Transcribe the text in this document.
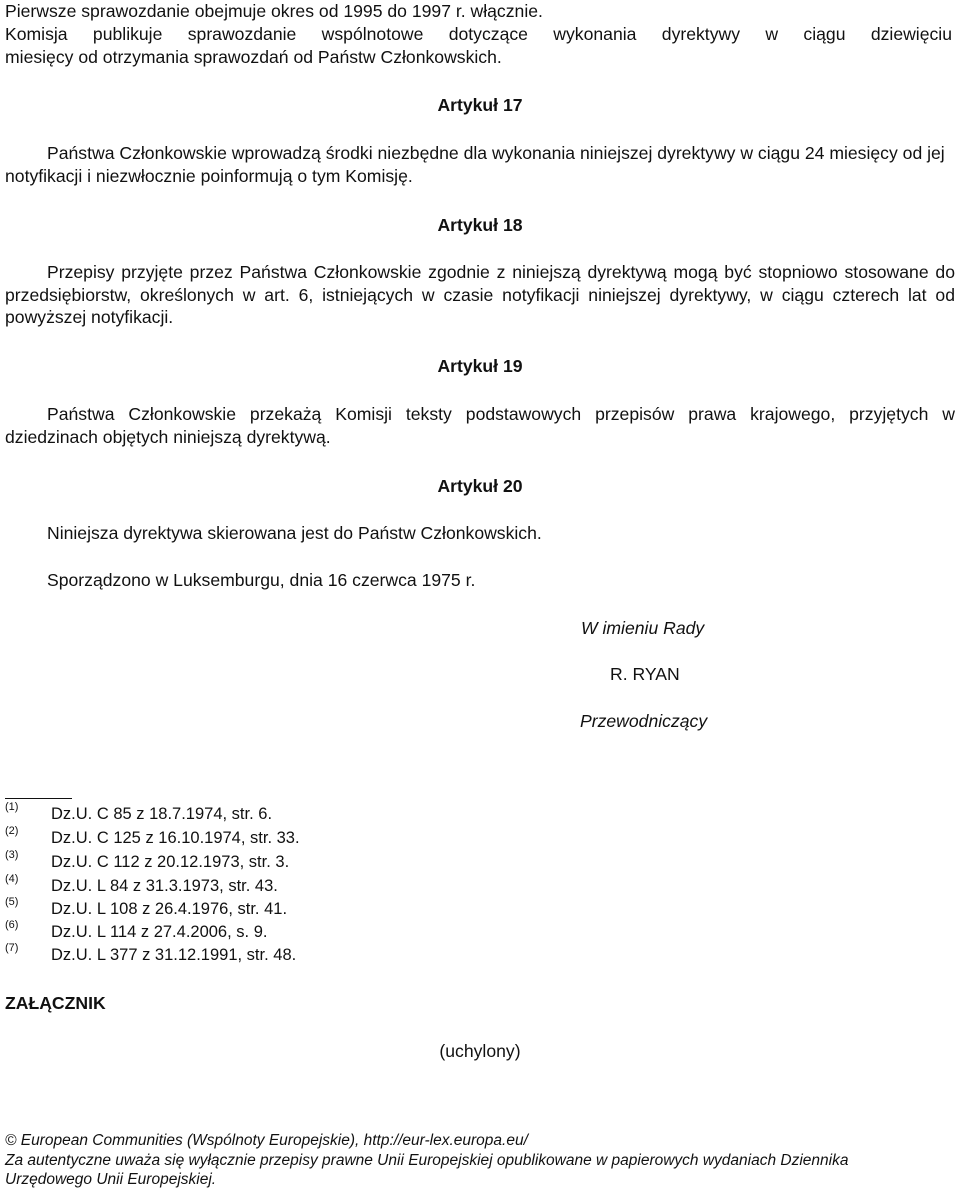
Pierwsze sprawozdanie obejmuje okres od 1995 do 1997 r. włącznie.
Komisja publikuje sprawozdanie wspólnotowe dotyczące wykonania dyrektywy w ciągu dziewięciu
miesięcy od otrzymania sprawozdań od Państw Członkowskich.
Artykuł 17
Państwa Członkowskie wprowadzą środki niezbędne dla wykonania niniejszej dyrektywy w ciągu 24 miesięcy od jej notyfikacji i niezwłocznie poinformują o tym Komisję.
Artykuł 18
Przepisy przyjęte przez Państwa Członkowskie zgodnie z niniejszą dyrektywą mogą być stopniowo stosowane do przedsiębiorstw, określonych w art. 6, istniejących w czasie notyfikacji niniejszej dyrektywy, w ciągu czterech lat od powyższej notyfikacji.
Artykuł 19
Państwa Członkowskie przekażą Komisji teksty podstawowych przepisów prawa krajowego, przyjętych w dziedzinach objętych niniejszą dyrektywą.
Artykuł 20
Niniejsza dyrektywa skierowana jest do Państw Członkowskich.
Sporządzono w Luksemburgu, dnia 16 czerwca 1975 r.
W imieniu Rady
R. RYAN
Przewodniczący
(1) Dz.U. C 85 z 18.7.1974, str. 6.
(2) Dz.U. C 125 z 16.10.1974, str. 33.
(3) Dz.U. C 112 z 20.12.1973, str. 3.
(4) Dz.U. L 84 z 31.3.1973, str. 43.
(5) Dz.U. L 108 z 26.4.1976, str. 41.
(6) Dz.U. L 114 z 27.4.2006, s. 9.
(7) Dz.U. L 377 z 31.12.1991, str. 48.
ZAŁĄCZNIK
(uchylony)
© European Communities (Wspólnoty Europejskie), http://eur-lex.europa.eu/
Za autentyczne uważa się wyłącznie przepisy prawne Unii Europejskiej opublikowane w papierowych wydaniach Dziennika Urzędowego Unii Europejskiej.
